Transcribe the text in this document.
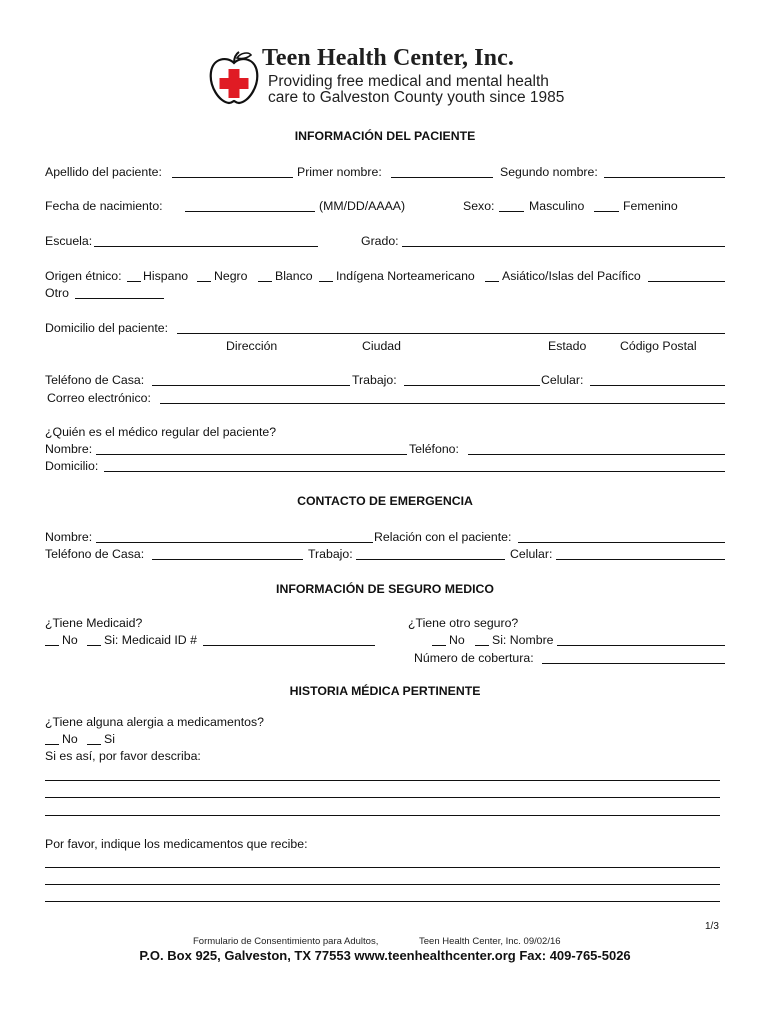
Teen Health Center, Inc.
Providing free medical and mental health
care to Galveston County youth since 1985
INFORMACIÓN DEL PACIENTE
Apellido del paciente:	Primer nombre:	Segundo nombre:
Fecha de nacimiento:	(MM/DD/AAAA)	Sexo:	Masculino	Femenino
Escuela:	Grado:
Origen étnico: Hispano Negro Blanco Indígena Norteamericano Asiático/Islas del Pacífico
Otro
Domicilio del paciente:
Dirección	Ciudad	Estado	Código Postal
Teléfono de Casa:	Trabajo:	Celular:
Correo electrónico:
¿Quién es el médico regular del paciente?
Nombre:	Teléfono:
Domicilio:
CONTACTO DE EMERGENCIA
Nombre:	Relación con el paciente:
Teléfono de Casa:	Trabajo:	Celular:
INFORMACIÓN DE SEGURO MEDICO
¿Tiene Medicaid?
No Si: Medicaid ID #
¿Tiene otro seguro?
No Si: Nombre
Número de cobertura:
HISTORIA MÉDICA PERTINENTE
¿Tiene alguna alergia a medicamentos?
No Si
Si es así, por favor describa:
Por favor, indique los medicamentos que recibe:
1/3
Formulario de Consentimiento para Adultos,	Teen Health Center, Inc. 09/02/16
P.O. Box 925, Galveston, TX 77553 www.teenhealthcenter.org Fax: 409-765-5026
